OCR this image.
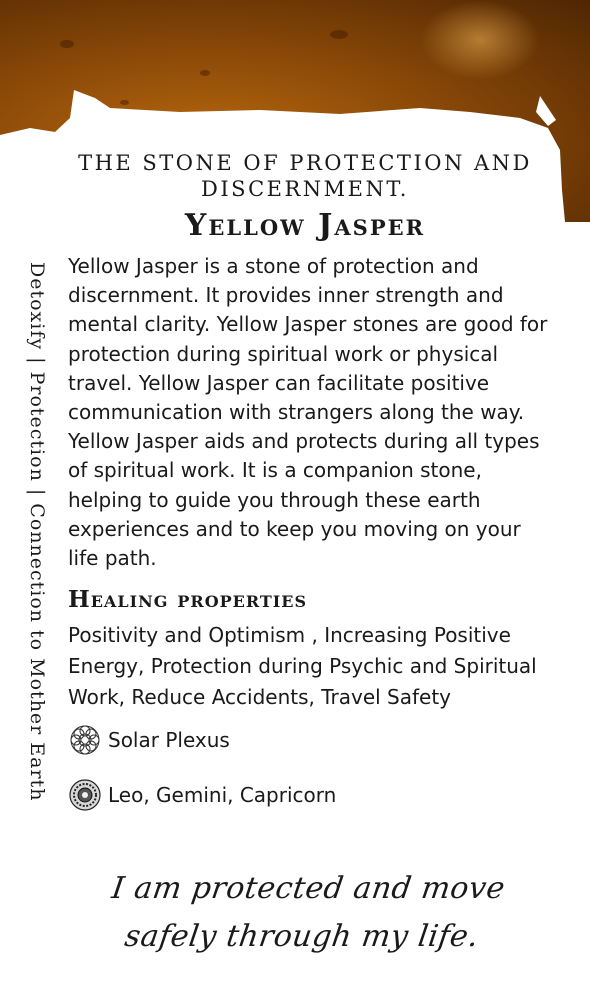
THE STONE OF PROTECTION AND DISCERNMENT.
Yellow Jasper
Detoxify | Protection | Connection to Mother Earth Yellow Jasper is a stone of protection and discernment. It provides inner strength and mental clarity. Yellow Jasper stones are good for protection during spiritual work or physical travel. Yellow Jasper can facilitate positive communication with strangers along the way. Yellow Jasper aids and protects during all types of spiritual work. It is a companion stone, helping to guide you through these earth experiences and to keep you moving on your life path.

Healing properties

Positivity and Optimism , Increasing Positive Energy, Protection during Psychic and Spiritual Work, Reduce Accidents, Travel Safety

Solar Plexus
Leo, Gemini, Capricorn
I am protected and move safely through my life.
